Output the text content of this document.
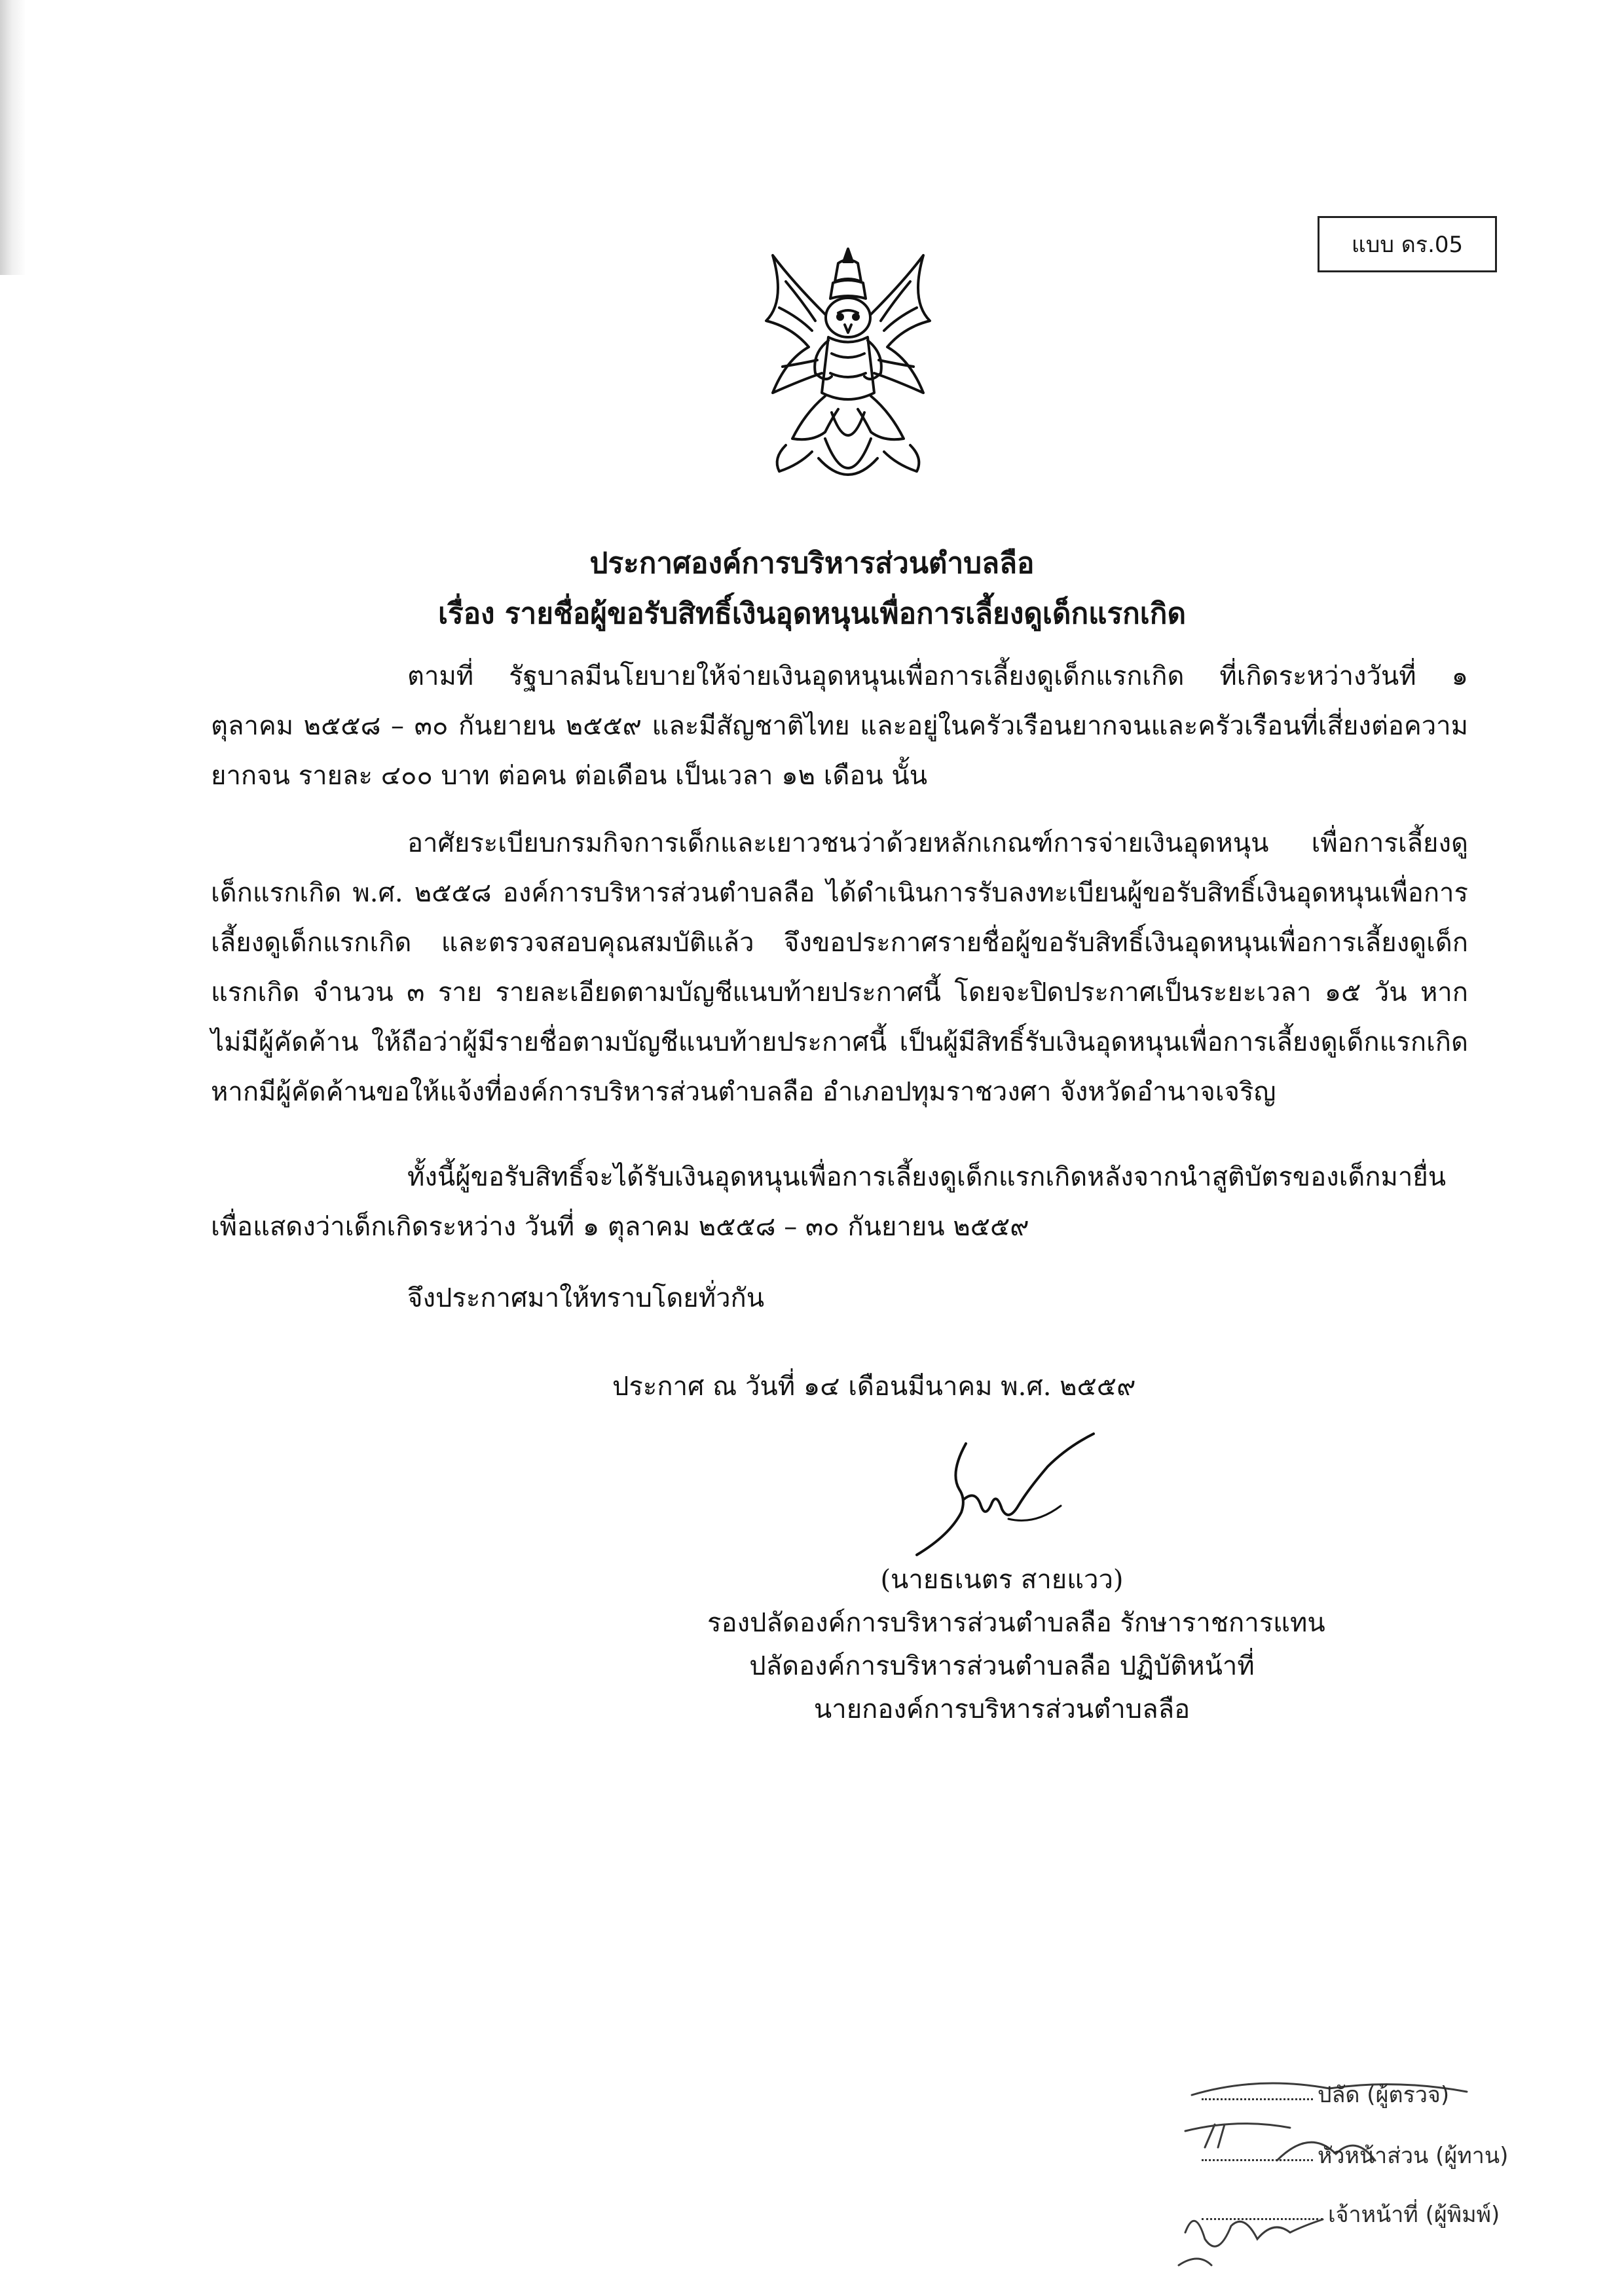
แบบ ดร.05
ประกาศองค์การบริหารส่วนตำบลลือ
เรื่อง รายชื่อผู้ขอรับสิทธิ์เงินอุดหนุนเพื่อการเลี้ยงดูเด็กแรกเกิด

ตามที่ รัฐบาลมีนโยบายให้จ่ายเงินอุดหนุนเพื่อการเลี้ยงดูเด็กแรกเกิด ที่เกิดระหว่างวันที่ ๑ ตุลาคม ๒๕๕๘ – ๓๐ กันยายน ๒๕๕๙ และมีสัญชาติไทย และอยู่ในครัวเรือนยากจนและครัวเรือนที่เสี่ยงต่อความยากจน รายละ ๔๐๐ บาท ต่อคน ต่อเดือน เป็นเวลา ๑๒ เดือน นั้น

อาศัยระเบียบกรมกิจการเด็กและเยาวชนว่าด้วยหลักเกณฑ์การจ่ายเงินอุดหนุน เพื่อการเลี้ยงดูเด็กแรกเกิด พ.ศ. ๒๕๕๘ องค์การบริหารส่วนตำบลลือ ได้ดำเนินการรับลงทะเบียนผู้ขอรับสิทธิ์เงินอุดหนุนเพื่อการเลี้ยงดูเด็กแรกเกิด และตรวจสอบคุณสมบัติแล้ว จึงขอประกาศรายชื่อผู้ขอรับสิทธิ์เงินอุดหนุนเพื่อการเลี้ยงดูเด็กแรกเกิด จำนวน ๓ ราย รายละเอียดตามบัญชีแนบท้ายประกาศนี้ โดยจะปิดประกาศเป็นระยะเวลา ๑๕ วัน หากไม่มีผู้คัดค้าน ให้ถือว่าผู้มีรายชื่อตามบัญชีแนบท้ายประกาศนี้ เป็นผู้มีสิทธิ์รับเงินอุดหนุนเพื่อการเลี้ยงดูเด็กแรกเกิด หากมีผู้คัดค้านขอให้แจ้งที่องค์การบริหารส่วนตำบลลือ อำเภอปทุมราชวงศา จังหวัดอำนาจเจริญ

ทั้งนี้ผู้ขอรับสิทธิ์จะได้รับเงินอุดหนุนเพื่อการเลี้ยงดูเด็กแรกเกิดหลังจากนำสูติบัตรของเด็กมายื่นเพื่อแสดงว่าเด็กเกิดระหว่าง วันที่ ๑ ตุลาคม ๒๕๕๘ – ๓๐ กันยายน ๒๕๕๙

จึงประกาศมาให้ทราบโดยทั่วกัน
ประกาศ ณ วันที่ ๑๔ เดือนมีนาคม พ.ศ. ๒๕๕๙
(นายธเนตร สายแวว)
รองปลัดองค์การบริหารส่วนตำบลลือ รักษาราชการแทน
ปลัดองค์การบริหารส่วนตำบลลือ ปฏิบัติหน้าที่
นายกองค์การบริหารส่วนตำบลลือ
ปลัด (ผู้ตรวจ)
หัวหน้าส่วน (ผู้ทาน)
เจ้าหน้าที่ (ผู้พิมพ์)
